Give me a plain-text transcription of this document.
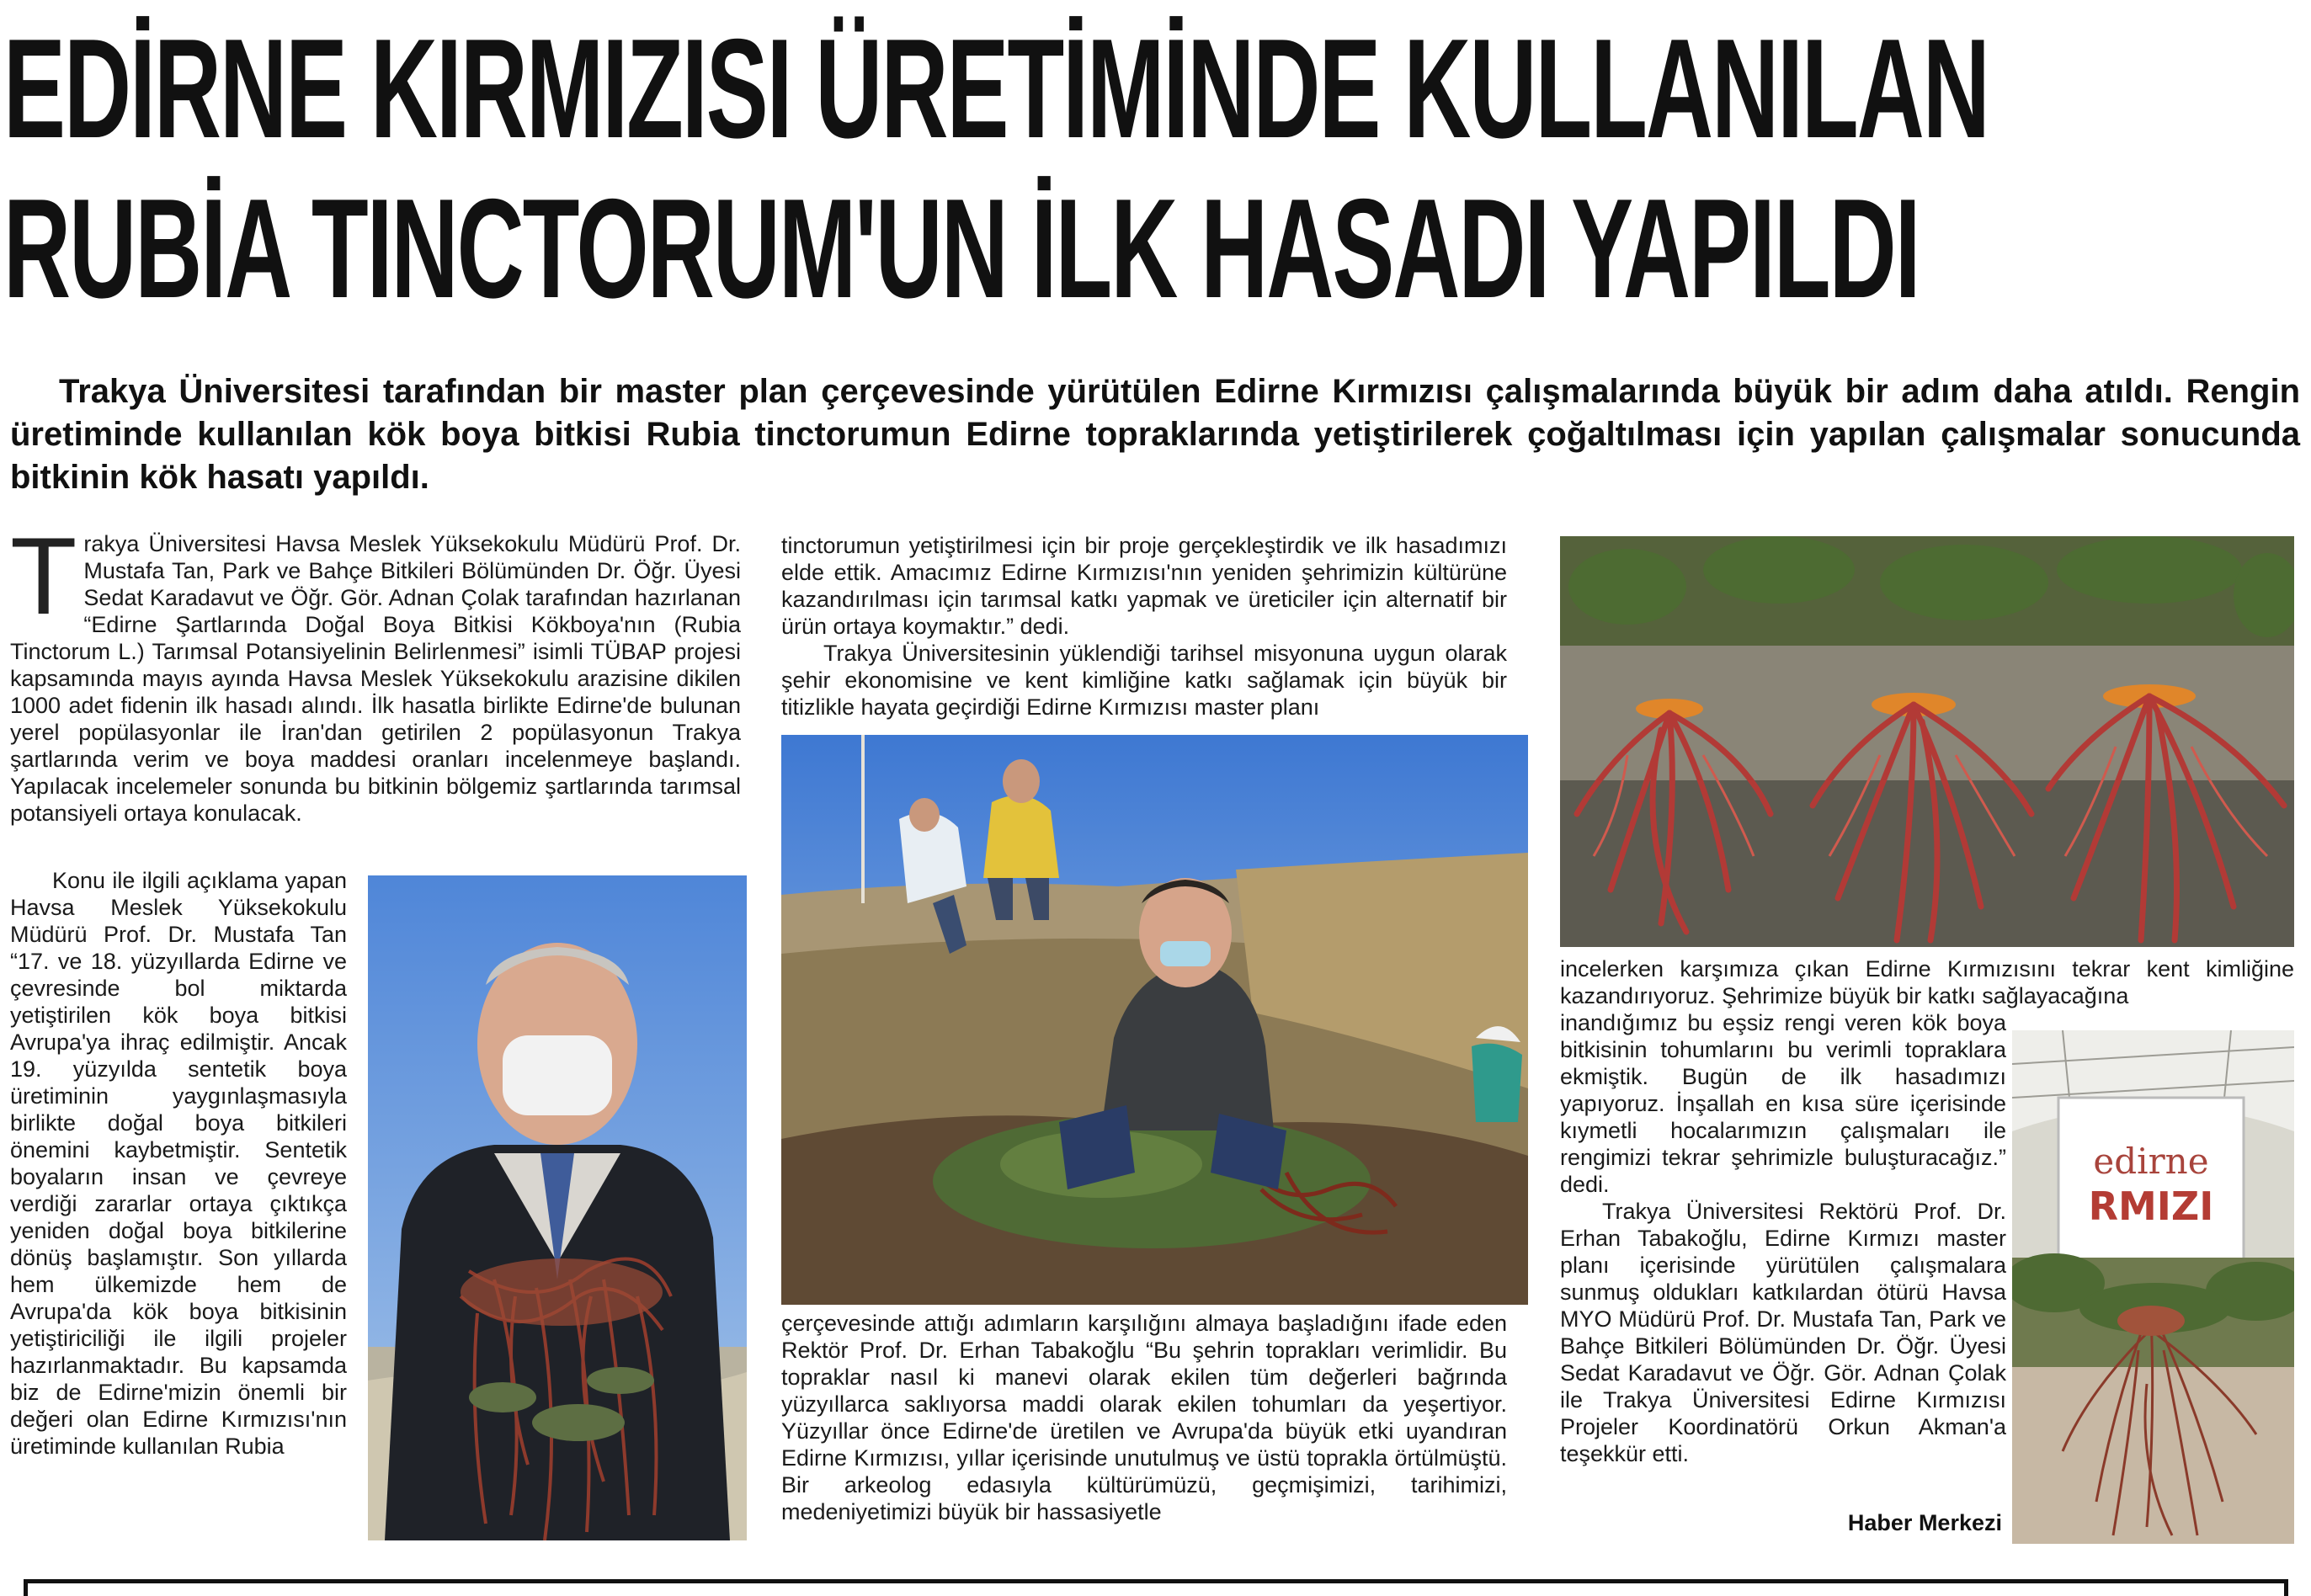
EDİRNE KIRMIZISI ÜRETİMİNDE KULLANILAN
RUBİA TINCTORUM'UN İLK HASADI YAPILDI
Trakya Üniversitesi tarafından bir master plan çerçevesinde yürütülen Edirne Kırmızısı çalışmalarında büyük bir adım daha atıldı. Rengin üretiminde kullanılan kök boya bitkisi Rubia tinctorumun Edirne topraklarında yetiştirilerek çoğaltılması için yapılan çalışmalar sonucunda bitkinin kök hasatı yapıldı.
T rakya Üniversitesi Havsa Meslek Yüksekokulu Müdürü Prof. Dr. Mustafa Tan, Park ve Bahçe Bitkileri Bölümünden Dr. Öğr. Üyesi Sedat Karadavut ve Öğr. Gör. Adnan Çolak tarafından hazırlanan “Edirne Şartlarında Doğal Boya Bitkisi Kökboya'nın (Rubia Tinctorum L.) Tarımsal Potansiyelinin Belirlenmesi” isimli TÜBAP projesi kapsamında mayıs ayında Havsa Meslek Yüksekokulu arazisine dikilen 1000 adet fidenin ilk hasadı alındı. İlk hasatla birlikte Edirne'de bulunan yerel popülasyonlar ile İran'dan getirilen 2 popülasyonun Trakya şartlarında verim ve boya maddesi oranları incelenmeye başlandı. Yapılacak incelemeler sonunda bu bitkinin bölgemiz şartlarında tarımsal potansiyeli ortaya konulacak.

Konu ile ilgili açıklama yapan Havsa Meslek Yüksekokulu Müdürü Prof. Dr. Mustafa Tan “17. ve 18. yüzyıllarda Edirne ve çevresinde bol miktarda yetiştirilen kök boya bitkisi Avrupa'ya ihraç edilmiştir. Ancak 19. yüzyılda sentetik boya üretiminin yaygınlaşmasıyla birlikte doğal boya bitkileri önemini kaybetmiştir. Sentetik boyaların insan ve çevreye verdiği zararlar ortaya çıktıkça yeniden doğal boya bitkilerine dönüş başlamıştır. Son yıllarda hem ülkemizde hem de Avrupa'da kök boya bitkisinin yetiştiriciliği ile ilgili projeler hazırlanmaktadır. Bu kapsamda biz de Edirne'mizin önemli bir değeri olan Edirne Kırmızısı'nın üretiminde kullanılan Rubia

tinctorumun yetiştirilmesi için bir proje gerçekleştirdik ve ilk hasadımızı elde ettik. Amacımız Edirne Kırmızısı'nın yeniden şehrimizin kültürüne kazandırılması için tarımsal katkı yapmak ve üreticiler için alternatif bir ürün ortaya koymaktır.” dedi.

Trakya Üniversitesinin yüklendiği tarihsel misyonuna uygun olarak şehir ekonomisine ve kent kimliğine katkı sağlamak için büyük bir titizlikle hayata geçirdiği Edirne Kırmızısı master planı

çerçevesinde attığı adımların karşılığını almaya başladığını ifade eden Rektör Prof. Dr. Erhan Tabakoğlu “Bu şehrin toprakları verimlidir. Bu topraklar nasıl ki manevi olarak ekilen tüm değerleri bağrında yüzyıllarca saklıyorsa maddi olarak ekilen tohumları da yeşertiyor. Yüzyıllar önce Edirne'de üretilen ve Avrupa'da büyük etki uyandıran Edirne Kırmızısı, yıllar içerisinde unutulmuş ve üstü toprakla örtülmüştü. Bir arkeolog edasıyla kültürümüzü, geçmişimizi, tarihimizi, medeniyetimizi büyük bir hassasiyetle

incelerken karşımıza çıkan Edirne Kırmızısını tekrar kent kimliğine kazandırıyoruz. Şehrimize büyük bir katkı sağlayacağına

inandığımız bu eşsiz rengi veren kök boya bitkisinin tohumlarını bu verimli topraklara ekmiştik. Bugün de ilk hasadımızı yapıyoruz. İnşallah en kısa süre içerisinde kıymetli hocalarımızın çalışmaları ile rengimizi tekrar şehrimizle buluşturacağız.” dedi.

Trakya Üniversitesi Rektörü Prof. Dr. Erhan Tabakoğlu, Edirne Kırmızı master planı içerisinde yürütülen çalışmalara sunmuş oldukları katkılardan ötürü Havsa MYO Müdürü Prof. Dr. Mustafa Tan, Park ve Bahçe Bitkileri Bölümünden Dr. Öğr. Üyesi Sedat Karadavut ve Öğr. Gör. Adnan Çolak ile Trakya Üniversitesi Edirne Kırmızısı Projeler Koordinatörü Orkun Akman'a teşekkür etti.

edirne
RMIZI
Haber Merkezi
